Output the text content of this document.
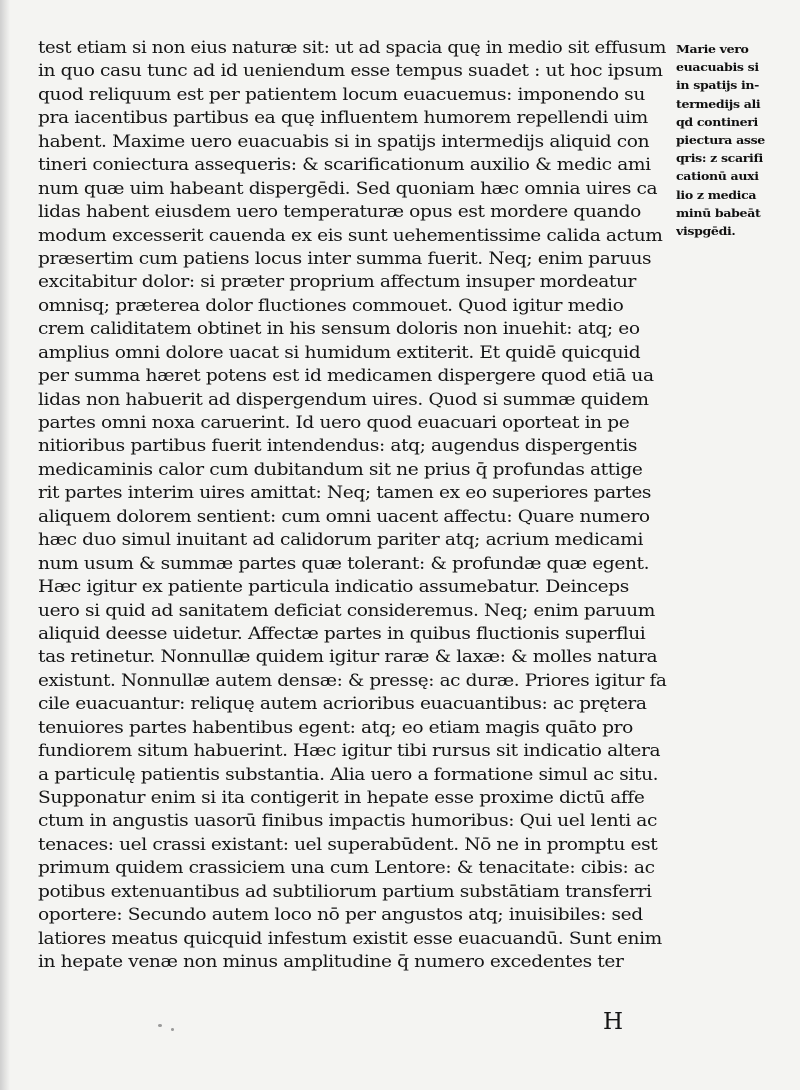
test etiam si non eius naturæ sit: ut ad spacia quę in medio sit effusum
in quo casu tunc ad id ueniendum esse tempus suadet : ut hoc ipsum
quod reliquum est per patientem locum euacuemus: imponendo su
pra iacentibus partibus ea quę influentem humorem repellendi uim
habent. Maxime uero euacuabis si in spatijs intermedijs aliquid con
tineri coniectura assequeris: & scarificationum auxilio & medic ami
num quæ uim habeant dispergēdi. Sed quoniam hæc omnia uires ca
lidas habent eiusdem uero temperaturæ opus est mordere quando
modum excesserit cauenda ex eis sunt uehementissime calida actum
præsertim cum patiens locus inter summa fuerit. Neq; enim paruus
excitabitur dolor: si præter proprium affectum insuper mordeatur
omnisq; præterea dolor fluctiones commouet. Quod igitur medio
crem caliditatem obtinet in his sensum doloris non inuehit: atq; eo
amplius omni dolore uacat si humidum extiterit. Et quidē quicquid
per summa hæret potens est id medicamen dispergere quod etiā ua
lidas non habuerit ad dispergendum uires. Quod si summæ quidem
partes omni noxa caruerint. Id uero quod euacuari oporteat in pe
nitioribus partibus fuerit intendendus: atq; augendus dispergentis
medicaminis calor cum dubitandum sit ne prius q̄ profundas attige
rit partes interim uires amittat: Neq; tamen ex eo superiores partes
aliquem dolorem sentient: cum omni uacent affectu: Quare numero
hæc duo simul inuitant ad calidorum pariter atq; acrium medicami
num usum & summæ partes quæ tolerant: & profundæ quæ egent.
Hæc igitur ex patiente particula indicatio assumebatur. Deinceps
uero si quid ad sanitatem deficiat consideremus. Neq; enim paruum
aliquid deesse uidetur. Affectæ partes in quibus fluctionis superflui
tas retinetur. Nonnullæ quidem igitur raræ & laxæ: & molles natura
existunt. Nonnullæ autem densæ: & pressę: ac duræ. Priores igitur fa
cile euacuantur: reliquę autem acrioribus euacuantibus: ac prętera
tenuiores partes habentibus egent: atq; eo etiam magis quāto pro
fundiorem situm habuerint. Hæc igitur tibi rursus sit indicatio altera
a particulę patientis substantia. Alia uero a formatione simul ac situ.
Supponatur enim si ita contigerit in hepate esse proxime dictū affe
ctum in angustis uasorū finibus impactis humoribus: Qui uel lenti ac
tenaces: uel crassi existant: uel superabūdent. Nō ne in promptu est
primum quidem crassiciem una cum Lentore: & tenacitate: cibis: ac
potibus extenuantibus ad subtiliorum partium substātiam transferri
oportere: Secundo autem loco nō per angustos atq; inuisibiles: sed
latiores meatus quicquid infestum existit esse euacuandū. Sunt enim
in hepate venæ non minus amplitudine q̄ numero excedentes ter
Marie vero
euacuabis si
in spatijs in-
termedijs ali
qd contineri
piectura asse
qris: z scarifi
cationū auxi
lio z medica
minū babeāt
vispgēdi.
H
